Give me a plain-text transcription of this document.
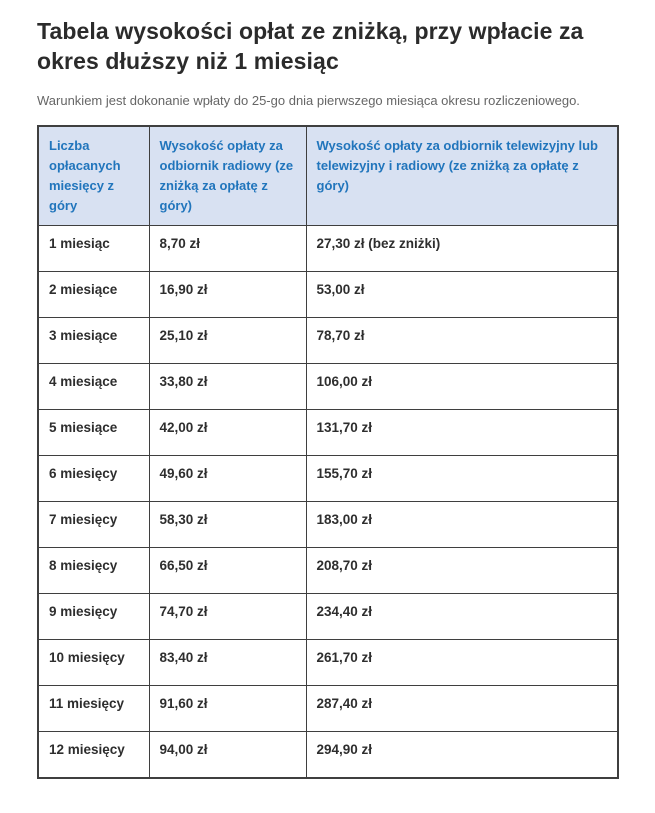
Tabela wysokości opłat ze zniżką, przy wpłacie za okres dłuższy niż 1 miesiąc

Warunkiem jest dokonanie wpłaty do 25-go dnia pierwszego miesiąca okresu rozliczeniowego.

Liczba opłacanych miesięcy z góry	Wysokość opłaty za odbiornik radiowy (ze zniżką za opłatę z góry)	Wysokość opłaty za odbiornik telewizyjny lub telewizyjny i radiowy (ze zniżką za opłatę z góry)
1 miesiąc	8,70 zł	27,30 zł (bez zniżki)
2 miesiące	16,90 zł	53,00 zł
3 miesiące	25,10 zł	78,70 zł
4 miesiące	33,80 zł	106,00 zł
5 miesiące	42,00 zł	131,70 zł
6 miesięcy	49,60 zł	155,70 zł
7 miesięcy	58,30 zł	183,00 zł
8 miesięcy	66,50 zł	208,70 zł
9 miesięcy	74,70 zł	234,40 zł
10 miesięcy	83,40 zł	261,70 zł
11 miesięcy	91,60 zł	287,40 zł
12 miesięcy	94,00 zł	294,90 zł
